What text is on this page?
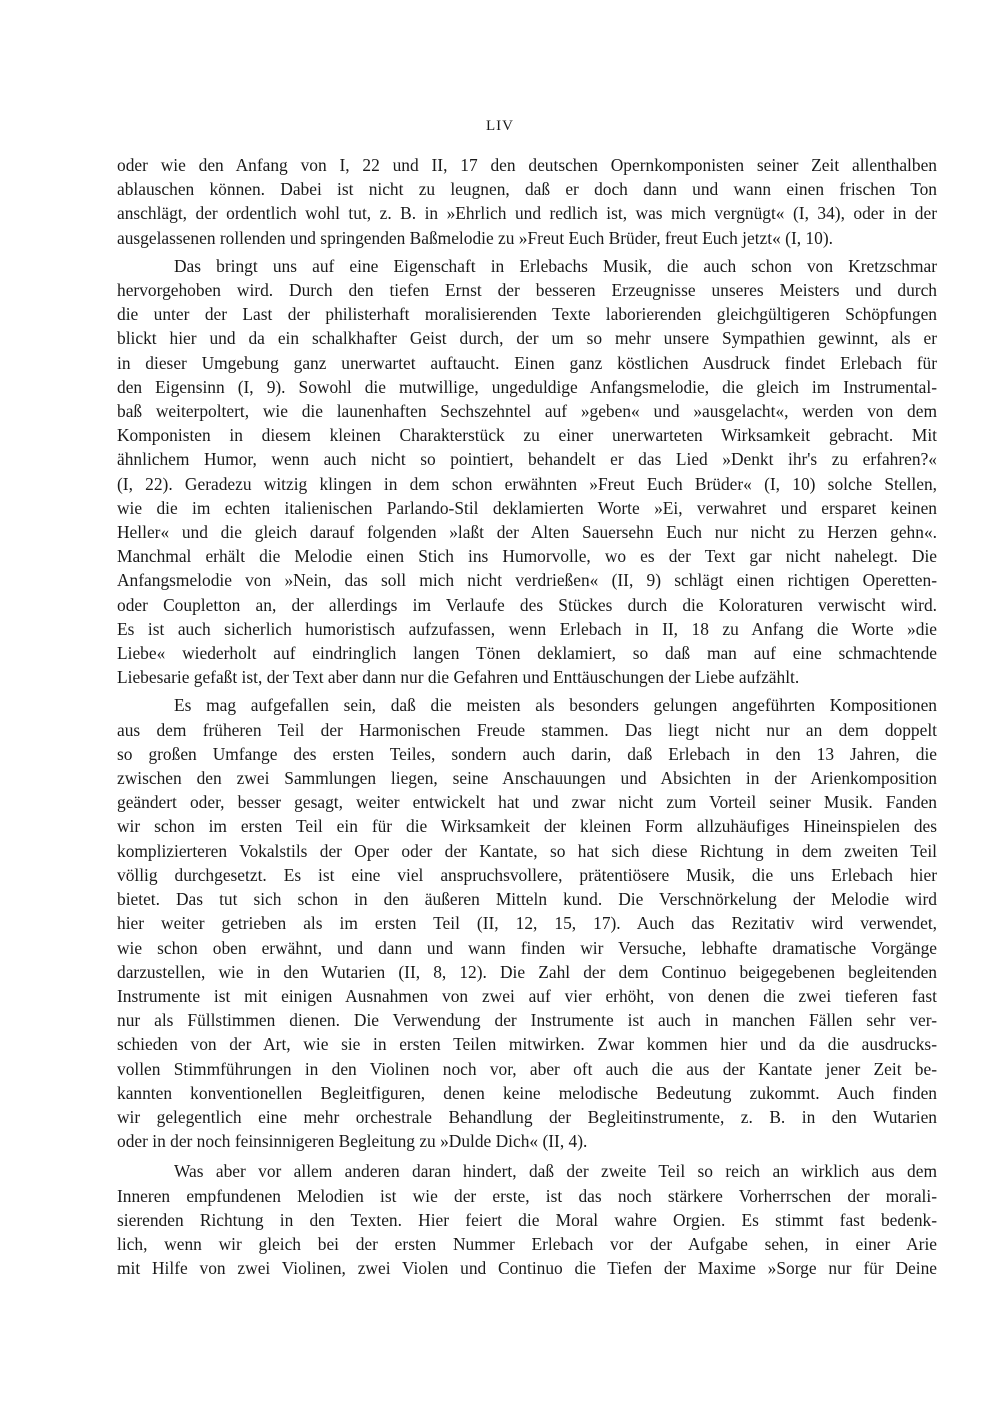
LIV

oder wie den Anfang von I, 22 und II, 17 den deutschen Opernkomponisten seiner Zeit allenthalben
ablauschen können. Dabei ist nicht zu leugnen, daß er doch dann und wann einen frischen Ton
anschlägt, der ordentlich wohl tut, z. B. in »Ehrlich und redlich ist, was mich vergnügt« (I, 34), oder in der
ausgelassenen rollenden und springenden Baßmelodie zu »Freut Euch Brüder, freut Euch jetzt« (I, 10).

Das bringt uns auf eine Eigenschaft in Erlebachs Musik, die auch schon von Kretzschmar
hervorgehoben wird. Durch den tiefen Ernst der besseren Erzeugnisse unseres Meisters und durch
die unter der Last der philisterhaft moralisierenden Texte laborierenden gleichgültigeren Schöpfungen
blickt hier und da ein schalkhafter Geist durch, der um so mehr unsere Sympathien gewinnt, als er
in dieser Umgebung ganz unerwartet auftaucht. Einen ganz köstlichen Ausdruck findet Erlebach für
den Eigensinn (I, 9). Sowohl die mutwillige, ungeduldige Anfangsmelodie, die gleich im Instrumental-
baß weiterpoltert, wie die launenhaften Sechszehntel auf »geben« und »ausgelacht«, werden von dem
Komponisten in diesem kleinen Charakterstück zu einer unerwarteten Wirksamkeit gebracht. Mit
ähnlichem Humor, wenn auch nicht so pointiert, behandelt er das Lied »Denkt ihr's zu erfahren?«
(I, 22). Geradezu witzig klingen in dem schon erwähnten »Freut Euch Brüder« (I, 10) solche Stellen,
wie die im echten italienischen Parlando-Stil deklamierten Worte »Ei, verwahret und ersparet keinen
Heller« und die gleich darauf folgenden »laßt der Alten Sauersehn Euch nur nicht zu Herzen gehn«.
Manchmal erhält die Melodie einen Stich ins Humorvolle, wo es der Text gar nicht nahelegt. Die
Anfangsmelodie von »Nein, das soll mich nicht verdrießen« (II, 9) schlägt einen richtigen Operetten-
oder Coupletton an, der allerdings im Verlaufe des Stückes durch die Koloraturen verwischt wird.
Es ist auch sicherlich humoristisch aufzufassen, wenn Erlebach in II, 18 zu Anfang die Worte »die
Liebe« wiederholt auf eindringlich langen Tönen deklamiert, so daß man auf eine schmachtende
Liebesarie gefaßt ist, der Text aber dann nur die Gefahren und Enttäuschungen der Liebe aufzählt.

Es mag aufgefallen sein, daß die meisten als besonders gelungen angeführten Kompositionen
aus dem früheren Teil der Harmonischen Freude stammen. Das liegt nicht nur an dem doppelt
so großen Umfange des ersten Teiles, sondern auch darin, daß Erlebach in den 13 Jahren, die
zwischen den zwei Sammlungen liegen, seine Anschauungen und Absichten in der Arienkomposition
geändert oder, besser gesagt, weiter entwickelt hat und zwar nicht zum Vorteil seiner Musik. Fanden
wir schon im ersten Teil ein für die Wirksamkeit der kleinen Form allzuhäufiges Hineinspielen des
komplizierteren Vokalstils der Oper oder der Kantate, so hat sich diese Richtung in dem zweiten Teil
völlig durchgesetzt. Es ist eine viel anspruchsvollere, prätentiösere Musik, die uns Erlebach hier
bietet. Das tut sich schon in den äußeren Mitteln kund. Die Verschnörkelung der Melodie wird
hier weiter getrieben als im ersten Teil (II, 12, 15, 17). Auch das Rezitativ wird verwendet,
wie schon oben erwähnt, und dann und wann finden wir Versuche, lebhafte dramatische Vorgänge
darzustellen, wie in den Wutarien (II, 8, 12). Die Zahl der dem Continuo beigegebenen begleitenden
Instrumente ist mit einigen Ausnahmen von zwei auf vier erhöht, von denen die zwei tieferen fast
nur als Füllstimmen dienen. Die Verwendung der Instrumente ist auch in manchen Fällen sehr ver-
schieden von der Art, wie sie in ersten Teilen mitwirken. Zwar kommen hier und da die ausdrucks-
vollen Stimmführungen in den Violinen noch vor, aber oft auch die aus der Kantate jener Zeit be-
kannten konventionellen Begleitfiguren, denen keine melodische Bedeutung zukommt. Auch finden
wir gelegentlich eine mehr orchestrale Behandlung der Begleitinstrumente, z. B. in den Wutarien
oder in der noch feinsinnigeren Begleitung zu »Dulde Dich« (II, 4).

Was aber vor allem anderen daran hindert, daß der zweite Teil so reich an wirklich aus dem
Inneren empfundenen Melodien ist wie der erste, ist das noch stärkere Vorherrschen der morali-
sierenden Richtung in den Texten. Hier feiert die Moral wahre Orgien. Es stimmt fast bedenk-
lich, wenn wir gleich bei der ersten Nummer Erlebach vor der Aufgabe sehen, in einer Arie
mit Hilfe von zwei Violinen, zwei Violen und Continuo die Tiefen der Maxime »Sorge nur für Deine
